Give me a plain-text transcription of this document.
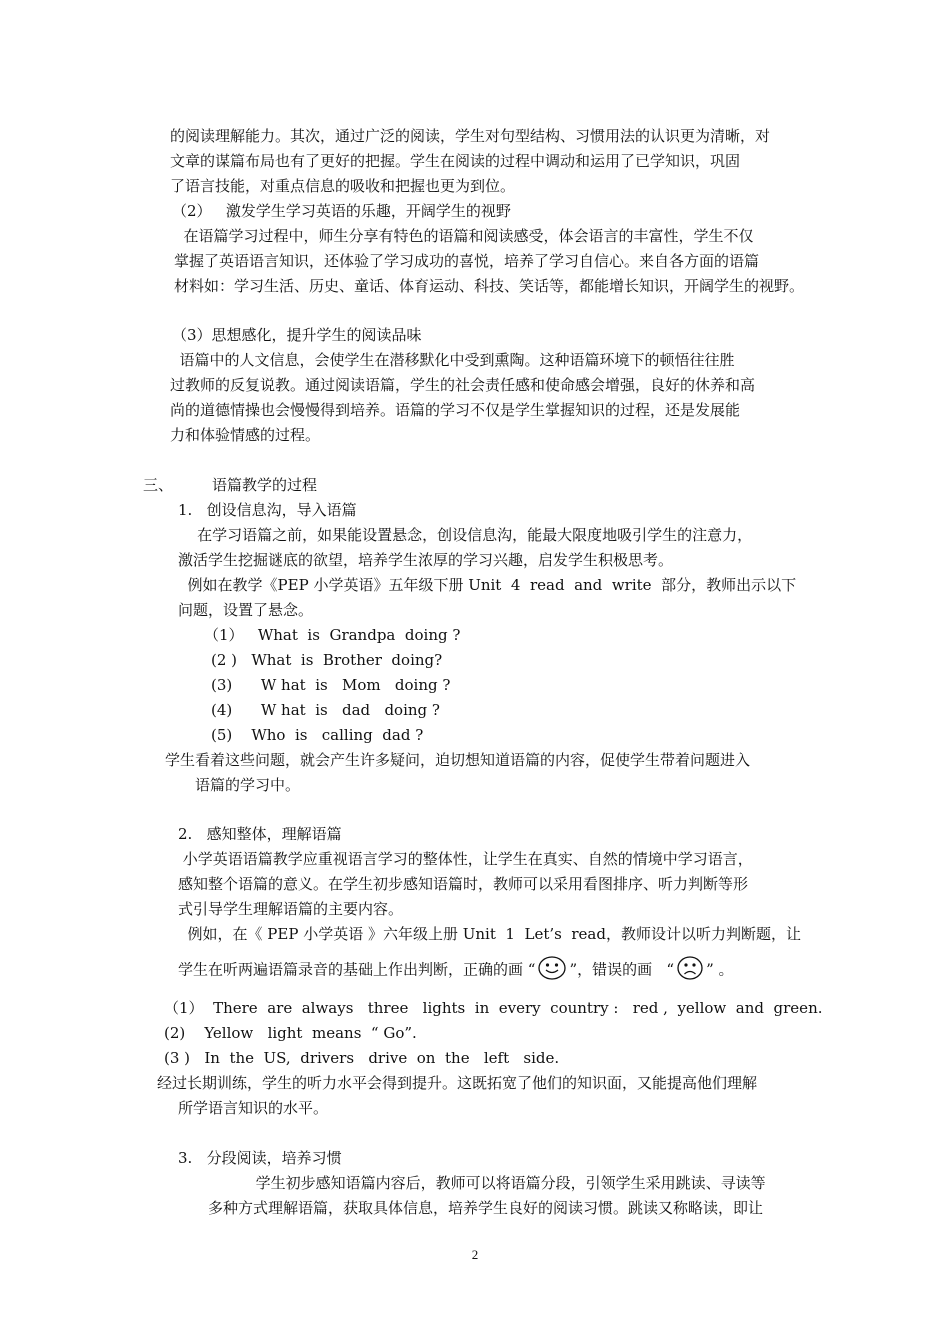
的阅读理解能力。其次，通过广泛的阅读，学生对句型结构、习惯用法的认识更为清晰，对
文章的谋篇布局也有了更好的把握。学生在阅读的过程中调动和运用了已学知识，巩固
了语言技能，对重点信息的吸收和把握也更为到位。
（2）   激发学生学习英语的乐趣，开阔学生的视野
在语篇学习过程中，师生分享有特色的语篇和阅读感受，体会语言的丰富性，学生不仅
掌握了英语语言知识，还体验了学习成功的喜悦，培养了学习自信心。来自各方面的语篇
材料如：学习生活、历史、童话、体育运动、科技、笑话等，都能增长知识，开阔学生的视野。
（3）思想感化，提升学生的阅读品味
语篇中的人文信息，会使学生在潜移默化中受到熏陶。这种语篇环境下的顿悟往往胜
过教师的反复说教。通过阅读语篇，学生的社会责任感和使命感会增强，良好的休养和高
尚的道德情操也会慢慢得到培养。语篇的学习不仅是学生掌握知识的过程，还是发展能
力和体验情感的过程。
三、	语篇教学的过程
1.   创设信息沟，导入语篇
在学习语篇之前，如果能设置悬念，创设信息沟，能最大限度地吸引学生的注意力，
激活学生挖掘谜底的欲望，培养学生浓厚的学习兴趣，启发学生积极思考。
例如在教学《PEP 小学英语》五年级下册 Unit  4  read  and  write  部分，教师出示以下
问题，设置了悬念。
（1）   What  is  Grandpa  doing ?
(2 )   What  is  Brother  doing?
(3)      W hat  is   Mom   doing ?
(4)      W hat  is   dad   doing ?
(5)    Who  is   calling  dad ?
学生看着这些问题，就会产生许多疑问，迫切想知道语篇的内容，促使学生带着问题进入
语篇的学习中。
2.   感知整体，理解语篇
小学英语语篇教学应重视语言学习的整体性，让学生在真实、自然的情境中学习语言，
感知整个语篇的意义。在学生初步感知语篇时，教师可以采用看图排序、听力判断等形
式引导学生理解语篇的主要内容。
例如，在《 PEP 小学英语 》六年级上册 Unit  1  Let’s  read，教师设计以听力判断题，让
学生在听两遍语篇录音的基础上作出判断，正确的画 “ ”，错误的画   “ ” 。
（1）  There  are  always   three   lights  in  every  country :   red ,  yellow  and  green.
(2)    Yellow   light  means  “ Go”.
(3 )   In  the  US,  drivers   drive  on  the   left   side.
经过长期训练，学生的听力水平会得到提升。这既拓宽了他们的知识面，又能提高他们理解
所学语言知识的水平。
3.   分段阅读，培养习惯
学生初步感知语篇内容后，教师可以将语篇分段，引领学生采用跳读、寻读等
多种方式理解语篇，获取具体信息，培养学生良好的阅读习惯。跳读又称略读，即让
2
